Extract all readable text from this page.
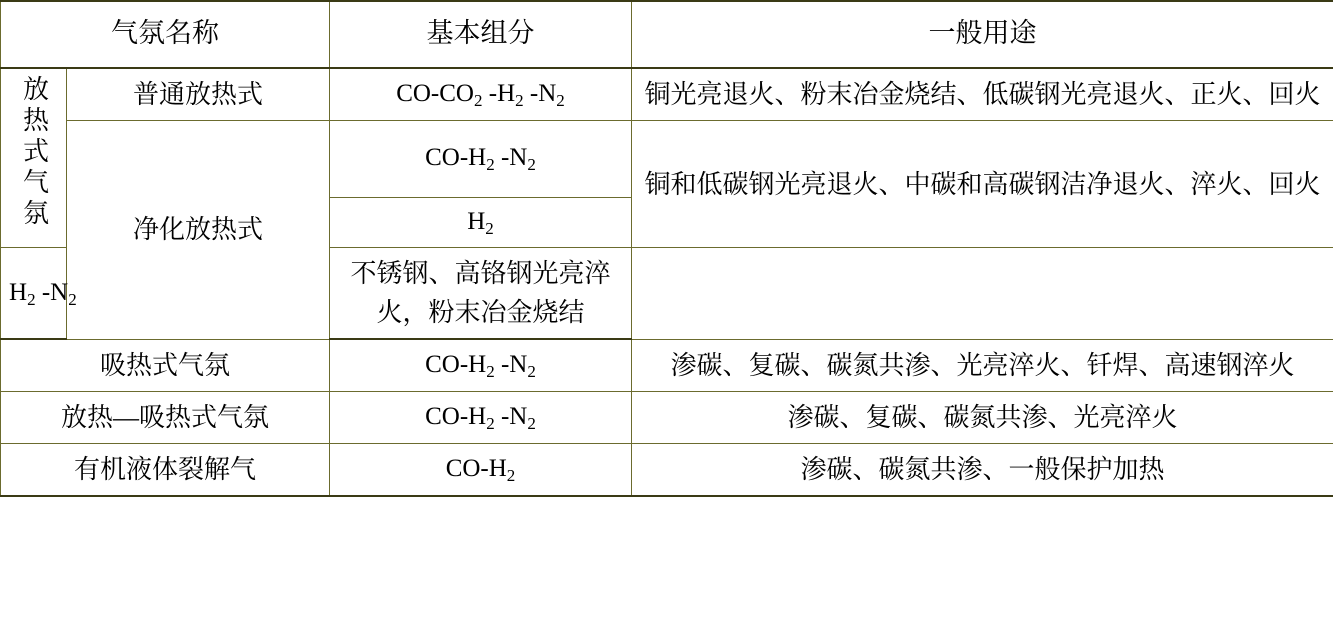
气氛名称		基本组分	一般用途
放热式气氛	普通放热式	$CO-CO_2$ $-H_2$ $-N_2$	铜光亮退火、粉末冶金烧结、低碳钢光亮退火、正火、回火
	净化放热式	$CO-H_2$ $-N_2$	铜和低碳钢光亮退火、中碳和高碳钢洁净退火、淬火、回火
		$H_2$
$H_2$ $-N_2$		不锈钢、高铬钢光亮淬火，粉末冶金烧结	
吸热式气氛		$CO-H_2$ $-N_2$	渗碳、复碳、碳氮共渗、光亮淬火、钎焊、高速钢淬火
放热—吸热式气氛		$CO-H_2$ $-N_2$	渗碳、复碳、碳氮共渗、光亮淬火
有机液体裂解气		$CO-H_2$	渗碳、碳氮共渗、一般保护加热
